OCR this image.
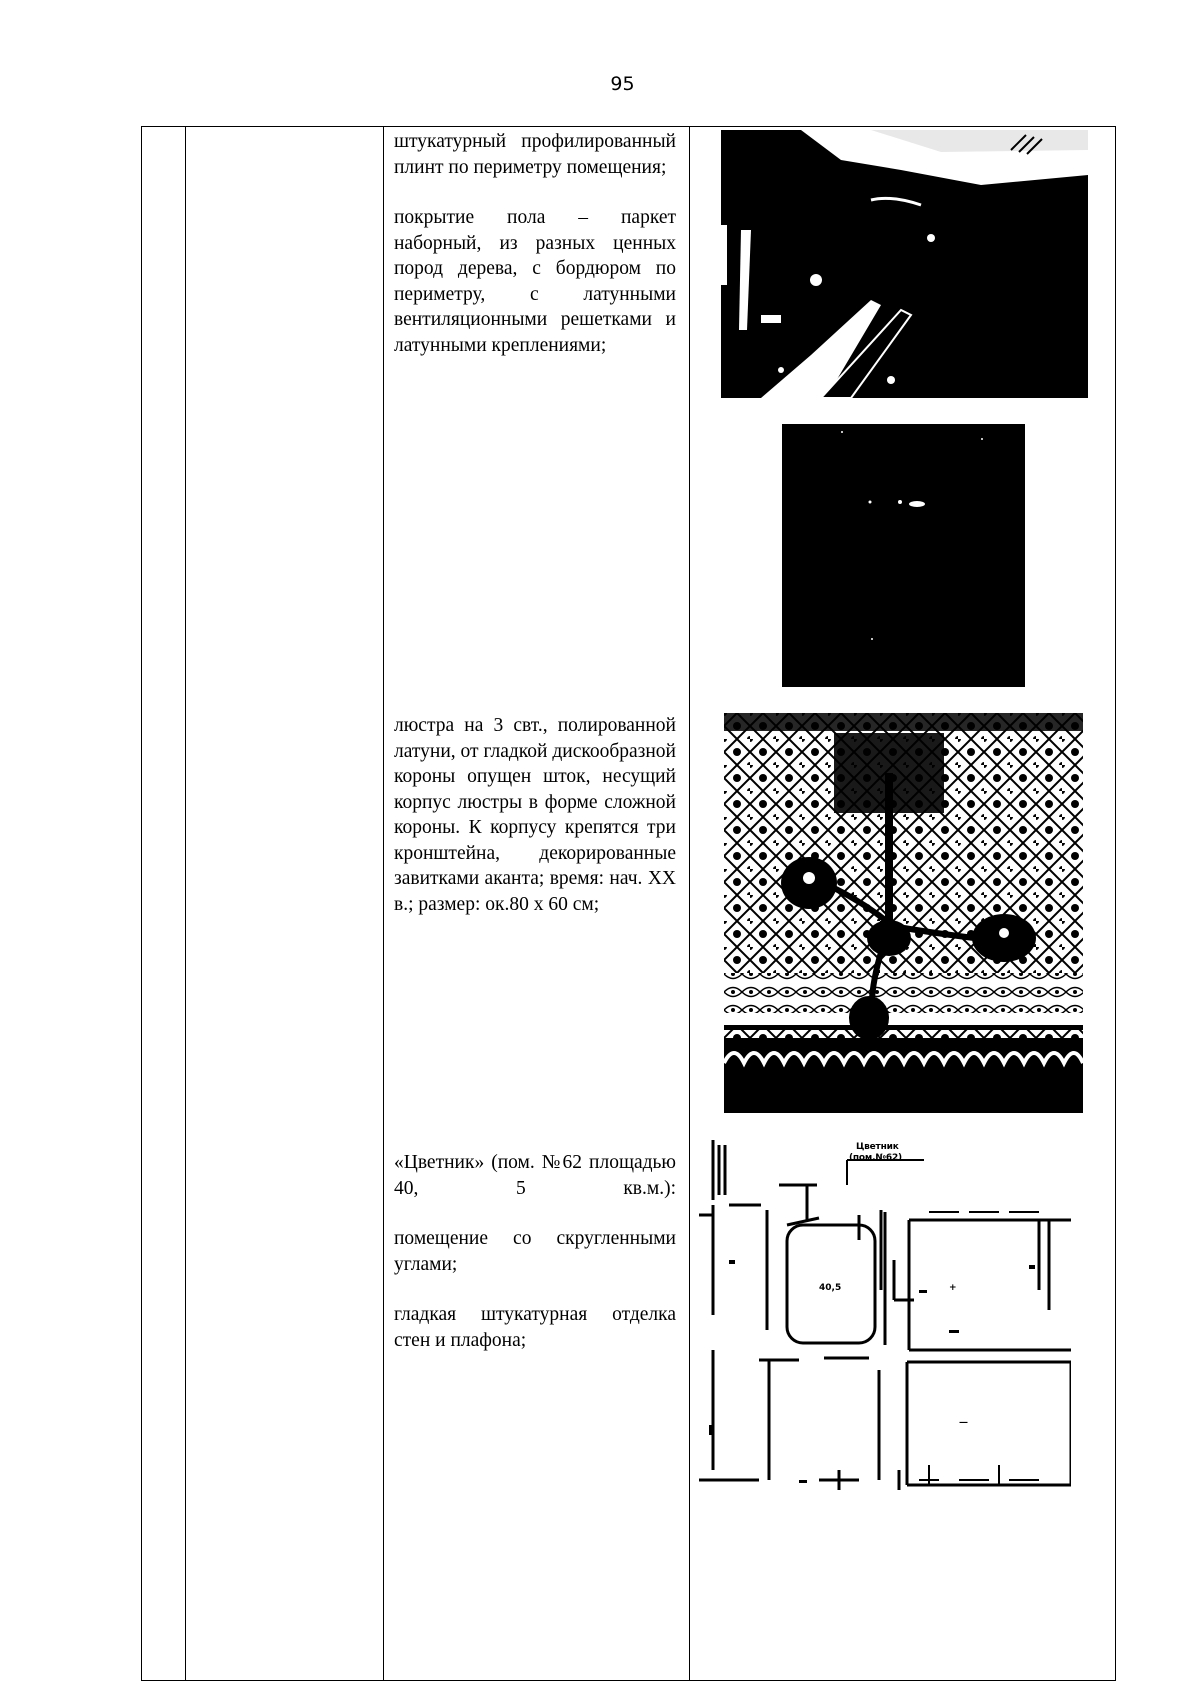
95

штукатурный профилированный плинт по периметру помещения;

покрытие пола – паркет наборный, из разных ценных пород дерева, с бордюром по периметру, с латунными вентиляционными решетками и латунными креплениями;

люстра на 3 свт., полированной латуни, от гладкой дискообразной короны опущен шток, несущий корпус люстры в форме сложной короны. К корпусу крепятся три кронштейна, декорированные завитками аканта; время: нач. XX в.; размер: ок.80 х 60 см;

«Цветник» (пом. №62 площадью 40, 5 кв.м.):

помещение со скругленными углами;

гладкая штукатурная отделка стен и плафона;

40,5	+
—
Цветник
(пом.№62)
